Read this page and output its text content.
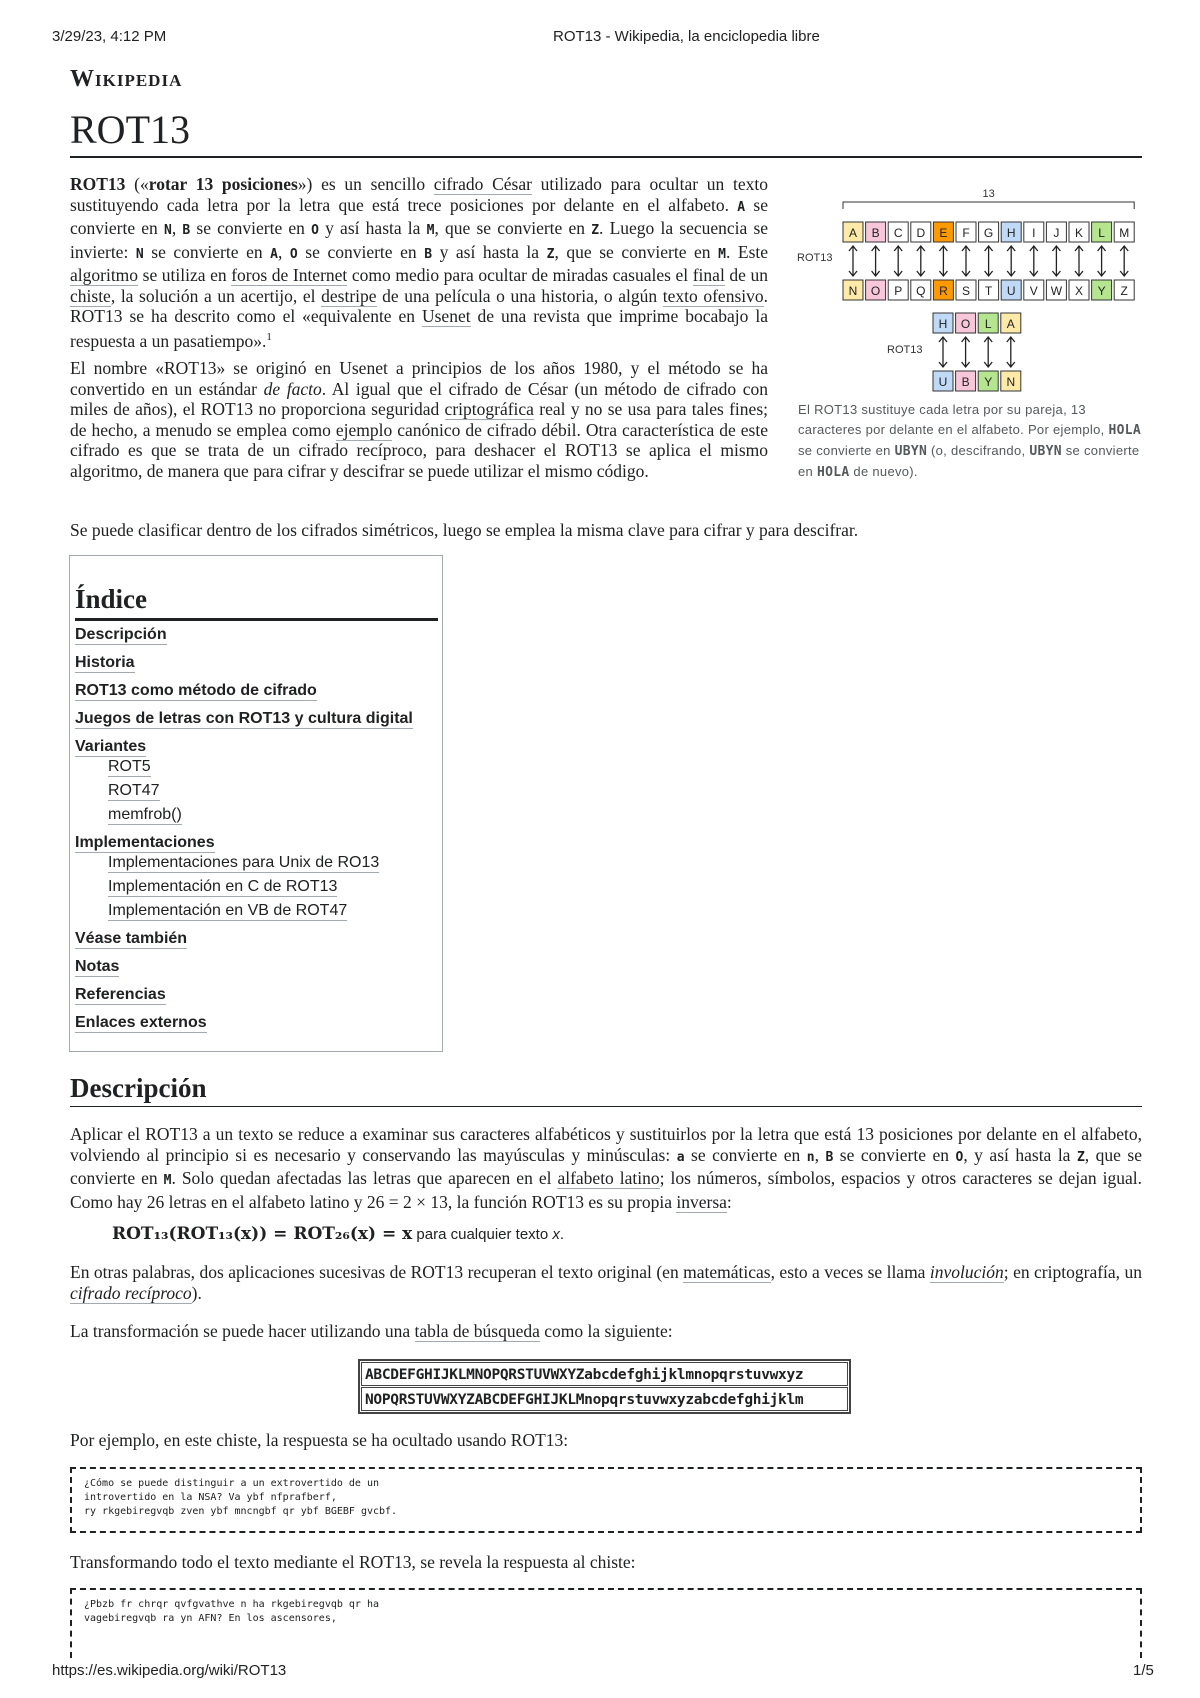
3/29/23, 4:12 PM	ROT13 - Wikipedia, la enciclopedia libre
Wikipedia
ROT13
ROT13 («rotar 13 posiciones») es un sencillo cifrado César utilizado para ocultar un texto sustituyendo cada letra por la letra que está trece posiciones por delante en el alfabeto. A se convierte en N, B se convierte en O y así hasta la M, que se convierte en Z. Luego la secuencia se invierte: N se convierte en A, O se convierte en B y así hasta la Z, que se convierte en M. Este algoritmo se utiliza en foros de Internet como medio para ocultar de miradas casuales el final de un chiste, la solución a un acertijo, el destripe de una película o una historia, o algún texto ofensivo. ROT13 se ha descrito como el «equivalente en Usenet de una revista que imprime bocabajo la respuesta a un pasatiempo».$^1$
El nombre «ROT13» se originó en Usenet a principios de los años 1980, y el método se ha convertido en un estándar de facto. Al igual que el cifrado de César (un método de cifrado con miles de años), el ROT13 no proporciona seguridad criptográfica real y no se usa para tales fines; de hecho, a menudo se emplea como ejemplo canónico de cifrado débil. Otra característica de este cifrado es que se trata de un cifrado recíproco, para deshacer el ROT13 se aplica el mismo algoritmo, de manera que para cifrar y descifrar se puede utilizar el mismo código.
Se puede clasificar dentro de los cifrados simétricos, luego se emplea la misma clave para cifrar y para descifrar.
13
A B C D E F G H I J K L M
N O P Q R S T U V W X Y Z
ROT13
H
U
O
B
L
Y
A
N
ROT13
El ROT13 sustituye cada letra por su pareja, 13 caracteres por delante en el alfabeto. Por ejemplo, HOLA se convierte en UBYN (o, descifrando, UBYN se convierte en HOLA de nuevo).
Índice
Descripción
Historia
ROT13 como método de cifrado
Juegos de letras con ROT13 y cultura digital
Variantes
ROT5
ROT47
memfrob()
Implementaciones
Implementaciones para Unix de RO13
Implementación en C de ROT13
Implementación en VB de ROT47
Véase también
Notas
Referencias
Enlaces externos
Descripción
Aplicar el ROT13 a un texto se reduce a examinar sus caracteres alfabéticos y sustituirlos por la letra que está 13 posiciones por delante en el alfabeto, volviendo al principio si es necesario y conservando las mayúsculas y minúsculas: a se convierte en n, B se convierte en O, y así hasta la Z, que se convierte en M. Solo quedan afectadas las letras que aparecen en el alfabeto latino; los números, símbolos, espacios y otros caracteres se dejan igual. Como hay 26 letras en el alfabeto latino y 26 = 2 × 13, la función ROT13 es su propia inversa:
ROT₁₃(ROT₁₃(x)) = ROT₂₆(x) = x para cualquier texto x.
En otras palabras, dos aplicaciones sucesivas de ROT13 recuperan el texto original (en matemáticas, esto a veces se llama involución; en criptografía, un cifrado recíproco).
La transformación se puede hacer utilizando una tabla de búsqueda como la siguiente:
ABCDEFGHIJKLMNOPQRSTUVWXYZabcdefghijklmnopqrstuvwxyz
NOPQRSTUVWXYZABCDEFGHIJKLMnopqrstuvwxyzabcdefghijklm
Por ejemplo, en este chiste, la respuesta se ha ocultado usando ROT13:
¿Cómo se puede distinguir a un extrovertido de un
introvertido en la NSA? Va ybf nfprafberf,
ry rkgebiregvqb zven ybf mncngbf qr ybf BGEBF gvcbf.
Transformando todo el texto mediante el ROT13, se revela la respuesta al chiste:
¿Pbzb fr chrqr qvfgvathve n ha rkgebiregvqb qr ha
vagebiregvqb ra yn AFN? En los ascensores,
https://es.wikipedia.org/wiki/ROT13	1/5
